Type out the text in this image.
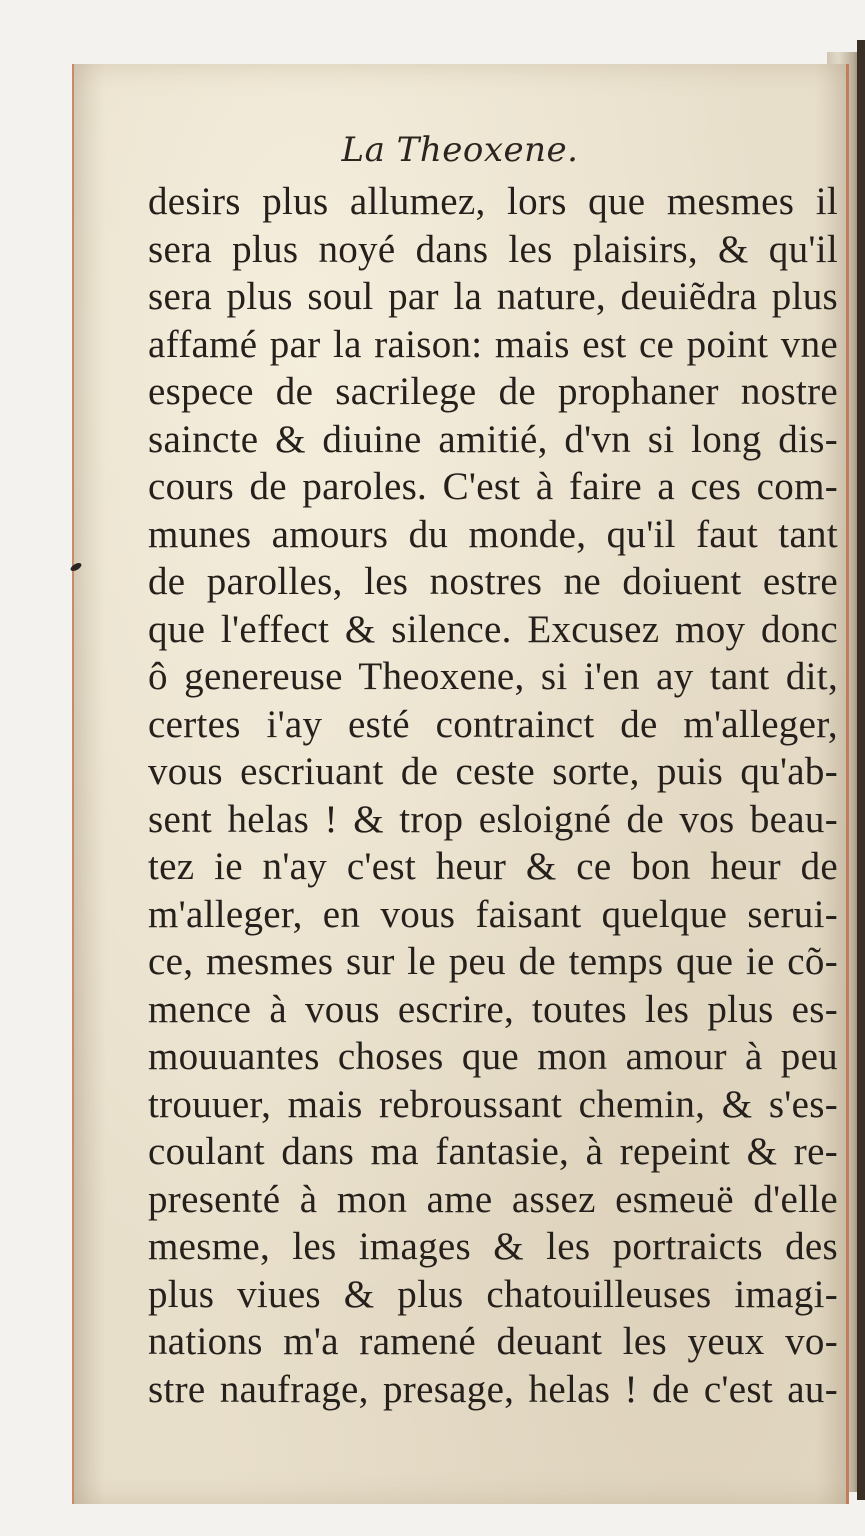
La Theoxene.
desirs plus allumez, lors que mesmes il
sera plus noyé dans les plaisirs, & qu'il
sera plus soul par la nature, deuiẽdra plus
affamé par la raison: mais est ce point vne
espece de sacrilege de prophaner nostre
saincte & diuine amitié, d'vn si long dis-
cours de paroles. C'est à faire a ces com-
munes amours du monde, qu'il faut tant
de parolles, les nostres ne doiuent estre
que l'effect & silence. Excusez moy donc
ô genereuse Theoxene, si i'en ay tant dit,
certes i'ay esté contrainct de m'alleger,
vous escriuant de ceste sorte, puis qu'ab-
sent helas ! & trop esloigné de vos beau-
tez ie n'ay c'est heur & ce bon heur de
m'alleger, en vous faisant quelque serui-
ce, mesmes sur le peu de temps que ie cõ-
mence à vous escrire, toutes les plus es-
mouuantes choses que mon amour à peu
trouuer, mais rebroussant chemin, & s'es-
coulant dans ma fantasie, à repeint & re-
presenté à mon ame assez esmeuë d'elle
mesme, les images & les portraicts des
plus viues & plus chatouilleuses imagi-
nations m'a ramené deuant les yeux vo-
stre naufrage, presage, helas ! de c'est au-
